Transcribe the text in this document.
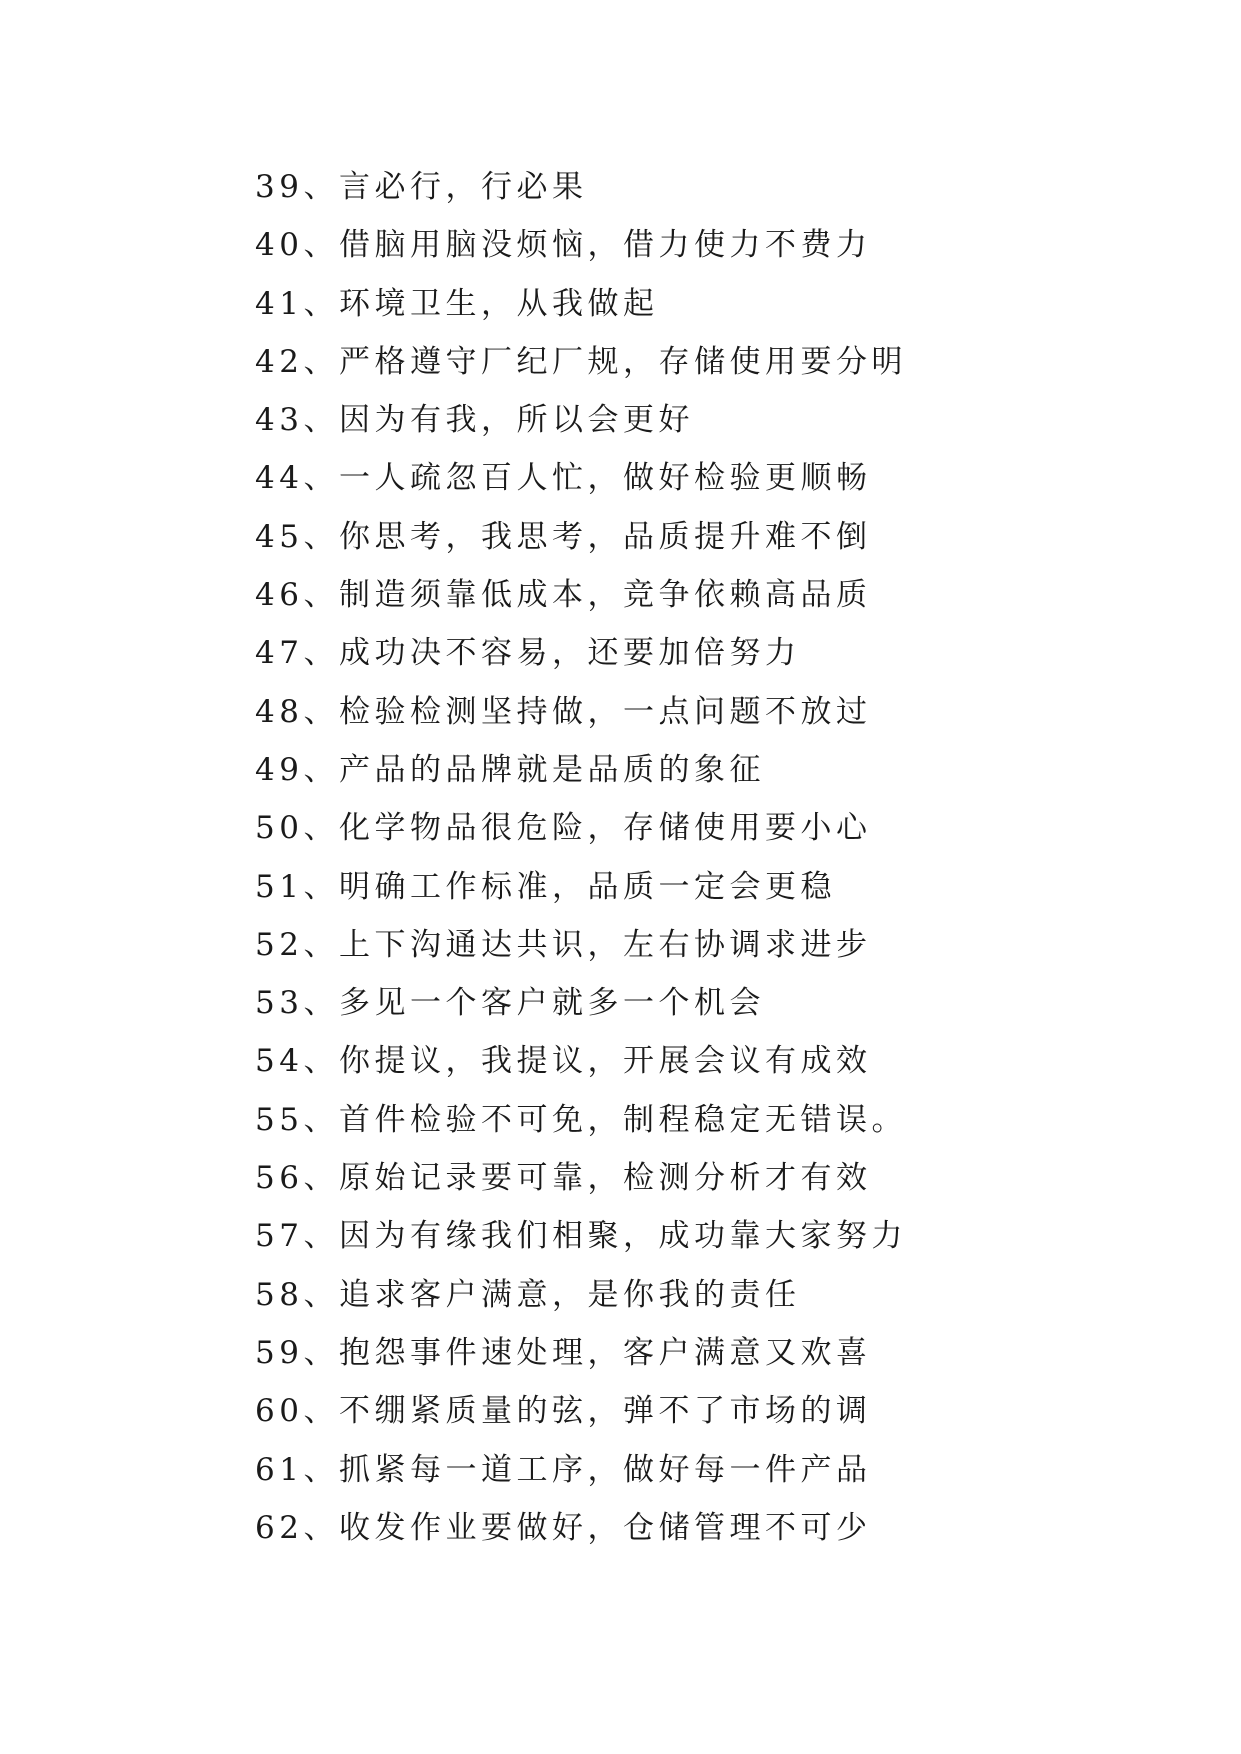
39、言必行，行必果
40、借脑用脑没烦恼，借力使力不费力
41、环境卫生，从我做起
42、严格遵守厂纪厂规，存储使用要分明
43、因为有我，所以会更好
44、一人疏忽百人忙，做好检验更顺畅
45、你思考，我思考，品质提升难不倒
46、制造须靠低成本，竞争依赖高品质
47、成功决不容易，还要加倍努力
48、检验检测坚持做，一点问题不放过
49、产品的品牌就是品质的象征
50、化学物品很危险，存储使用要小心
51、明确工作标准，品质一定会更稳
52、上下沟通达共识，左右协调求进步
53、多见一个客户就多一个机会
54、你提议，我提议，开展会议有成效
55、首件检验不可免，制程稳定无错误。
56、原始记录要可靠，检测分析才有效
57、因为有缘我们相聚，成功靠大家努力
58、追求客户满意，是你我的责任
59、抱怨事件速处理，客户满意又欢喜
60、不绷紧质量的弦，弹不了市场的调
61、抓紧每一道工序，做好每一件产品
62、收发作业要做好，仓储管理不可少
